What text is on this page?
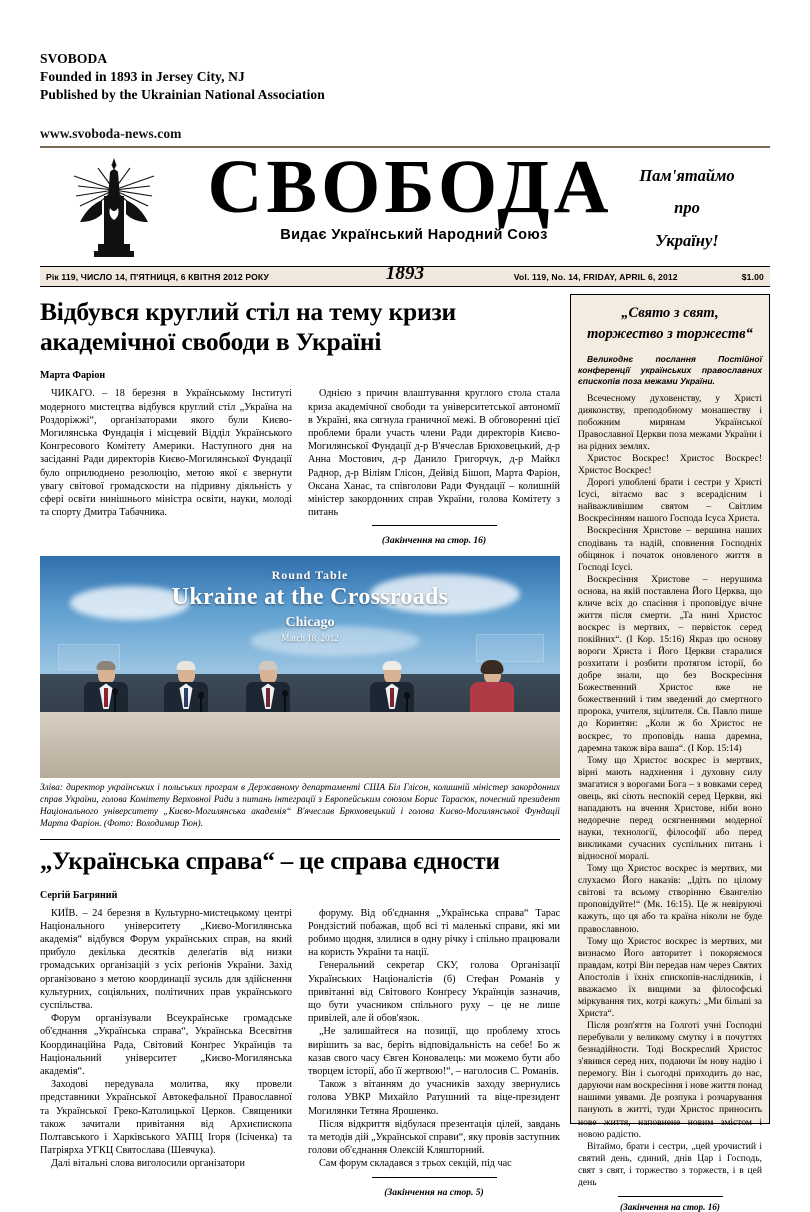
SVOBODA
Founded in 1893 in Jersey City, NJ
Published by the Ukrainian National Association
www.svoboda-news.com
СВОБОДА
Видає Український Народний Союз
Пам'ятаймо
про
Україну!
Рік 119, ЧИСЛО 14, П'ЯТНИЦЯ, 6 КВІТНЯ 2012 РОКУ	1893	Vol. 119, No. 14, FRIDAY, APRIL 6, 2012	$1.00
Відбувся круглий стіл на тему кризи академічної свободи в Україні
Марта Фаріон

ЧИКАГО. – 18 березня в Українському Інституті модерного мистецтва відбувся круглий стіл „Україна на Роздоріжжі“, організаторами якого були Києво-Могилянська Фундація і місцевий Відділ Українського Конгресового Комітету Америки. Наступного дня на засіданні Ради директорів Києво-Могилянської Фундації було оприлюднено резолюцію, метою якої є звернути увагу світової громадскости на підривну діяльність у сфері освіти нинішнього міністра освіти, науки, молоді та спорту Дмитра Табачника.

Однією з причин влаштування круглого стола стала криза академічної свободи та університетської автономії в Україні, яка сягнула граничної межі. В обговоренні цієї проблеми брали участь члени Ради директорів Києво-Могилянської Фундації д-р В'ячеслав Брюховецький, д-р Анна Мостович, д-р Данило Григорчук, д-р Майкл Раднор, д-р Віліям Глісон, Дейвід Бішоп, Марта Фаріон, Оксана Ханас, та співголови Ради Фундації – колишній міністер закордонних справ України, голова Комітету з питань

(Закінчення на стор. 16)
Round Table
Ukraine at the Crossroads
Chicago
March 18, 2012
Зліва: директор українських і польських програм в Державному департаменті США Біл Глісон, колишній міністер закордонних справ України, голова Комітету Верховної Ради з питань інтеграції з Европейським союзом Борис Тарасюк, почесний президент Національного університету „Києво-Могилянська академія“ В'ячеслав Брюховецький і голова Києво-Могилянської Фундації Марта Фаріон. (Фото: Володимир Тюн).
„Українська справа“ – це справа єдности
Сергій Багряний

КИЇВ. – 24 березня в Культурно-мистецькому центрі Національного університету „Києво-Могилянська академія“ відбувся Форум українських справ, на який прибуло декілька десятків делеґатів від низки громадських організацій з усіх реґіонів України. Захід організовано з метою координації зусиль для здійснення культурних, соціяльних, політичних прав українського суспільства.

Форум організували Всеукраїнське громадське об'єднання „Українська справа“, Українська Всесвітня Координаційна Рада, Світовий Конґрес Українців та Національний університет „Києво-Могилянська академія“.

Заходові передувала молитва, яку провели представники Української Автокефальної Православної та Української Греко-Католицької Церков. Священики також зачитали привітання від Архиєпископа Полтавського і Харківського УАПЦ Ігоря (Ісіченка) та Патріярха УГКЦ Святослава (Шевчука).

Далі вітальні слова виголосили організатори

форуму. Від об'єднання „Українська справа“ Тарас Рондзістий побажав, щоб всі ті маленькі справи, які ми робимо щодня, злилися в одну річку і спільно працювали на користь України та нації.

Генеральний секретар СКУ, голова Організації Українських Націоналістів (б) Стефан Романів у привітанні від Світового Конґресу Українців зазначив, що бути учасником спільного руху – це не лише привілей, але й обов'язок.

„Не залишайтеся на позиції, що проблему хтось вирішить за вас, беріть відповідальність на себе! Бо ж казав свого часу Євген Коновалець: ми можемо бути або творцем історії, або її жертвою!“, – наголосив С. Романів.

Також з вітанням до учасників заходу звернулись голова УВКР Михайло Ратушний та віце-президент Могилянки Тетяна Ярошенко.

Після відкриття відбулася презентація цілей, завдань та методів дій „Української справи“, яку провів заступник голови об'єднання Олексій Кляшторний.

Сам форум складався з трьох секцій, під час

(Закінчення на стор. 5)
„Свято з свят,
торжество з торжеств“
Великоднє послання Постійної конференції українських православних єпископів поза межами України.

Всечесному духовенству, у Христі дияконству, преподобному монашеству і побожним мирянам Української Православної Церкви поза межами України і на рідних землях.

Христос Воскрес! Христос Воскрес! Христос Воскрес!

Дорогі улюблені брати і сестри у Христі Ісусі, вітаємо вас з всерадісним і найважливішим святом – Світлим Воскресінням нашого Господа Ісуса Христа.

Воскресіння Христове – вершина наших сподівань та надій, сповнення Господніх обіцянок і початок оновленого життя в Господі Ісусі.

Воскресіння Христове – нерушима основа, на якій поставлена Його Церква, що кличе всіх до спасіння і проповідує вічне життя після смерти. „Та нині Христос воскрес із мертвих, – первісток серед покійних“. (І Кор. 15:16) Якраз цю основу вороги Христа і Його Церкви старалися розхитати і розбити протягом історії, бо добре знали, що без Воскресіння Божественний Христос вже не божественний і тим зведений до смертного пророка, учителя, зцілителя. Св. Павло пише до Коринтян: „Коли ж бо Христос не воскрес, то проповідь наша даремна, даремна також віра ваша“. (І Кор. 15:14)

Тому що Христос воскрес із мертвих, вірні мають надхнення і духовну силу змагатися з ворогами Бога – з вовками серед овець, які сіють неспокій серед Церкви, які нападають на вчення Христове, ніби воно недоречне перед осягненнями модерної науки, технології, філософії або перед викликами сучасних суспільних питань і відносної моралі.

Тому що Христос воскрес із мертвих, ми слухаємо Його наказів: „Ідіть по цілому світові та всьому створінню Євангелію проповідуйте!“ (Мк. 16:15). Це ж невіруючі кажуть, що ця або та країна ніколи не буде православною.

Тому що Христос воскрес із мертвих, ми визнаємо Його авторитет і покоряємося правдам, котрі Він передав нам через Святих Апостолів і їхніх єпископів-наслідників, і вважаємо їх вищими за філософські міркування тих, котрі кажуть: „Ми більші за Христа“.

Після розп'яття на Голготі учні Господні перебували у великому смутку і в почуттях безнадійности. Тоді Воскреслий Христос з'явився серед них, подаючи їм нову надію і перемогу. Він і сьогодні приходить до нас, даруючи нам воскресіння і нове життя понад нашими уявами. Де розпука і розчарування панують в житті, туди Христос приносить нове життя, наповнене новим змістом і новою радістю.

Вітаймо, брати і сестри, „цей урочистий і святий день, єдиний, днів Цар і Господь, свят з свят, і торжество з торжеств, і в цей день

(Закінчення на стор. 16)
